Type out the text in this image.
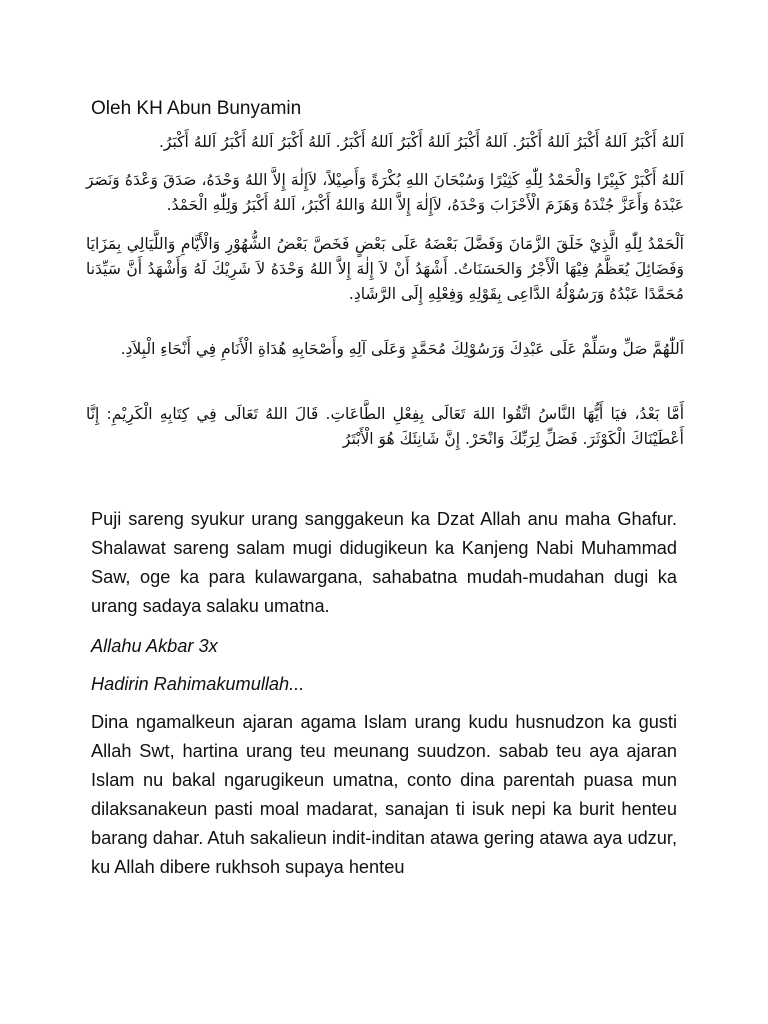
Oleh KH Abun Bunyamin
اَللهُ أَكْبَرُ اَللهُ أَكْبَرُ اَللهُ أَكْبَرُ. اَللهُ أَكْبَرُ اَللهُ أَكْبَرُ اَللهُ أَكْبَرُ. اَللهُ أَكْبَرُ اَللهُ أَكْبَرُ اَللهُ أَكْبَرُ.
اَللهُ أَكْبَرْ كَبِيْرًا وَالْحَمْدُ لِلّٰهِ كَثِيْرًا وَسُبْحَانَ اللهِ بُكْرَةً وَأَصِيْلاً، لاَإِلٰهَ إِلاَّ اللهُ وَحْدَهُ، صَدَقَ وَعْدَهُ وَنَصَرَ عَبْدَهُ وَأَعَزَّ جُنْدَهُ وَهَزَمَ الْأَحْزَابَ وَحْدَهُ، لاَإِلٰهَ إِلاَّ اللهُ وَاللهُ أَكْبَرُ، اَللهُ أَكْبَرُ وَلِلّٰهِ الْحَمْدُ.
اَلْحَمْدُ لِلّٰهِ الَّذِيْ خَلَقَ الزَّمَانَ وَفَضَّلَ بَعْضَهُ عَلَى بَعْضٍ فَخَصَّ بَعْضُ الشُّهُوْرِ وَالْأَيَّامِ وَاللَّيَالِي بِمَزَايَا وَفَضَائِلَ يُعَظَّمُ فِيْهَا الْأَجْرُ وَالحَسَنَاتُ. أَشْهَدُ أَنْ لاَ إِلٰهَ إِلاَّ اللهُ وَحْدَهُ لاَ شَرِيْكَ لَهُ وَأَشْهَدُ أَنَّ سَيِّدَنا مُحَمَّدًا عَبْدُهُ وَرَسُوْلُهُ الدَّاعِى بِقَوْلِهِ وَفِعْلِهِ إِلَى الرَّشَادِ.
اَللّٰهُمَّ صَلِّ وسَلِّمْ عَلَى عَبْدِكَ وَرَسُوْلِكَ مُحَمَّدٍ وَعَلَى آلِهِ وأَصْحَابِهِ هُدَاةِ الْأَنَامِ فِي أَنْحَاءِ الْبِلاَدِ.
أَمَّا بَعْدُ، فيَا أَيُّهَا النَّاسُ اتَّقُوا اللهَ تَعَالَى بِفِعْلِ الطَّاعَاتِ. قَالَ اللهُ تَعَالَى فِي كِتَابِهِ الْكَرِيْمِ: إِنَّا أَعْطَيْنَاكَ الْكَوْثَرَ. فَصَلِّ لِرَبِّكَ وَانْحَرْ. إِنَّ شَانِئَكَ هُوَ الْأَبْتَرُ
Puji sareng syukur urang sanggakeun ka Dzat Allah anu maha Ghafur. Shalawat sareng salam mugi didugikeun ka Kanjeng Nabi Muhammad Saw, oge ka para kulawargana, sahabatna mudah-mudahan dugi ka urang sadaya salaku umatna.
Allahu Akbar 3x
Hadirin Rahimakumullah...
Dina ngamalkeun ajaran agama Islam urang kudu husnudzon ka gusti Allah Swt, hartina urang teu meunang suudzon. sabab teu aya ajaran Islam nu bakal ngarugikeun umatna, conto dina parentah puasa mun dilaksanakeun pasti moal madarat, sanajan ti isuk nepi ka burit henteu barang dahar. Atuh sakalieun indit-inditan atawa gering atawa aya udzur, ku Allah dibere rukhsoh supaya henteu
